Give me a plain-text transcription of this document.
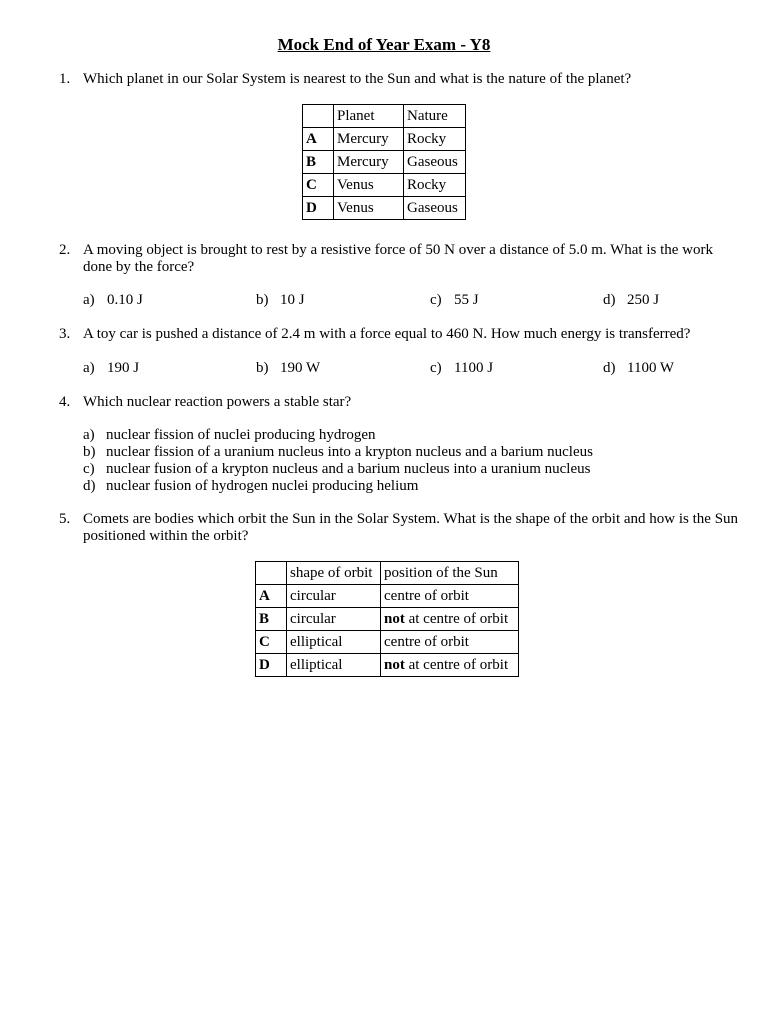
Mock End of Year Exam - Y8
1. Which planet in our Solar System is nearest to the Sun and what is the nature of the planet?
	Planet	Nature
A	Mercury	Rocky
B	Mercury	Gaseous
C	Venus	Rocky
D	Venus	Gaseous
2. A moving object is brought to rest by a resistive force of 50 N over a distance of 5.0 m. What is the work done by the force?
a) 0.10 J	b) 10 J	c) 55 J	d) 250 J
3. A toy car is pushed a distance of 2.4 m with a force equal to 460 N. How much energy is transferred?
a) 190 J	b) 190 W	c) 1100 J	d) 1100 W
4. Which nuclear reaction powers a stable star?
a) nuclear fission of nuclei producing hydrogen
b) nuclear fission of a uranium nucleus into a krypton nucleus and a barium nucleus
c) nuclear fusion of a krypton nucleus and a barium nucleus into a uranium nucleus
d) nuclear fusion of hydrogen nuclei producing helium
5. Comets are bodies which orbit the Sun in the Solar System. What is the shape of the orbit and how is the Sun positioned within the orbit?
	shape of orbit	position of the Sun
A	circular	centre of orbit
B	circular	not at centre of orbit
C	elliptical	centre of orbit
D	elliptical	not at centre of orbit
